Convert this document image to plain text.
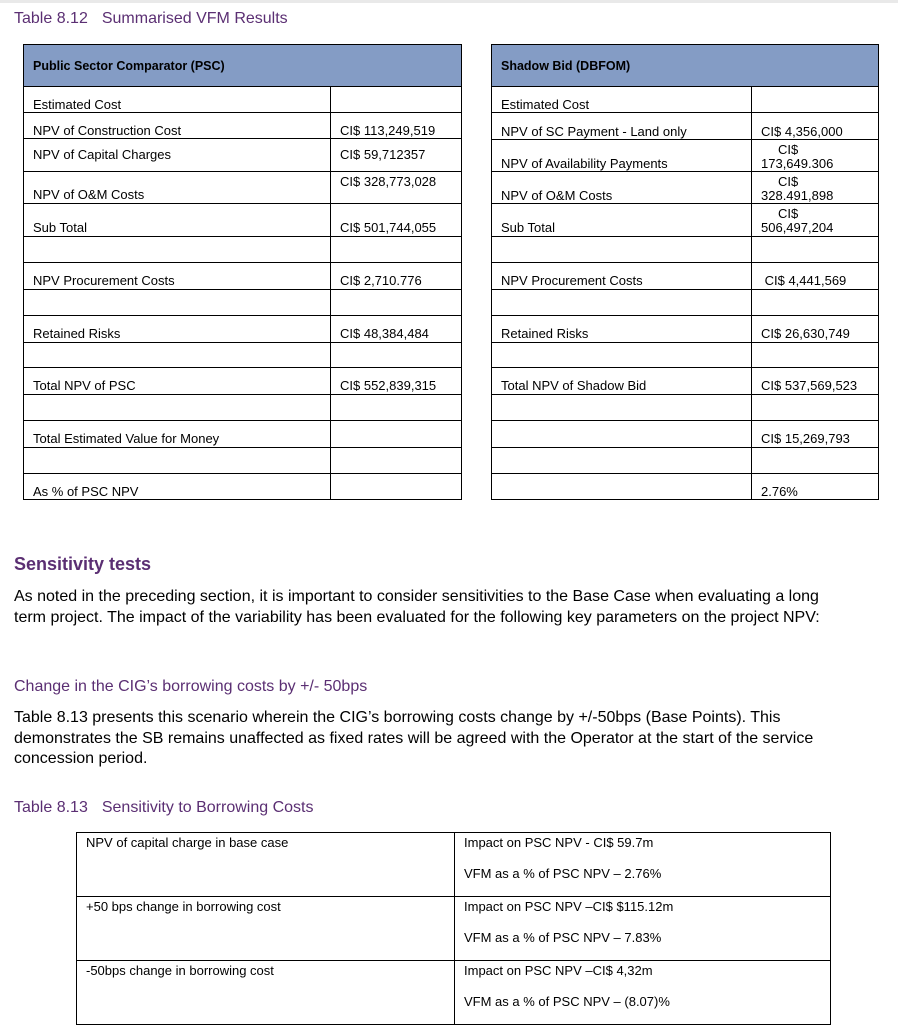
Table 8.12 Summarised VFM Results
Public Sector Comparator (PSC)	
Estimated Cost	
NPV of Construction Cost	CI$ 113,249,519
NPV of Capital Charges	CI$ 59,712357
NPV of O&M Costs	CI$ 328,773,028
Sub Total	CI$ 501,744,055

NPV Procurement Costs	CI$ 2,710.776

Retained Risks	CI$ 48,384,484

Total NPV of PSC	CI$ 552,839,315

Total Estimated Value for Money	

As % of PSC NPV	
Shadow Bid (DBFOM)	
Estimated Cost	
NPV of SC Payment - Land only	CI$ 4,356,000
NPV of Availability Payments	CI$
173,649.306
NPV of O&M Costs	CI$
328.491,898
Sub Total	CI$
506,497,204

NPV Procurement Costs	CI$ 4,441,569

Retained Risks	CI$ 26,630,749

Total NPV of Shadow Bid	CI$ 537,569,523

	CI$ 15,269,793

	2.76%
Sensitivity tests

As noted in the preceding section, it is important to consider sensitivities to the Base Case when evaluating a long term project. The impact of the variability has been evaluated for the following key parameters on the project NPV:

Change in the CIG’s borrowing costs by +/- 50bps

Table 8.13 presents this scenario wherein the CIG’s borrowing costs change by +/-50bps (Base Points). This demonstrates the SB remains unaffected as fixed rates will be agreed with the Operator at the start of the service concession period.

Table 8.13 Sensitivity to Borrowing Costs
NPV of capital charge in base case	Impact on PSC NPV - CI$ 59.7m
VFM as a % of PSC NPV – 2.76%

+50 bps change in borrowing cost	Impact on PSC NPV –CI$ $115.12m
VFM as a % of PSC NPV – 7.83%

-50bps change in borrowing cost	Impact on PSC NPV –CI$ 4,32m
VFM as a % of PSC NPV – (8.07)%
